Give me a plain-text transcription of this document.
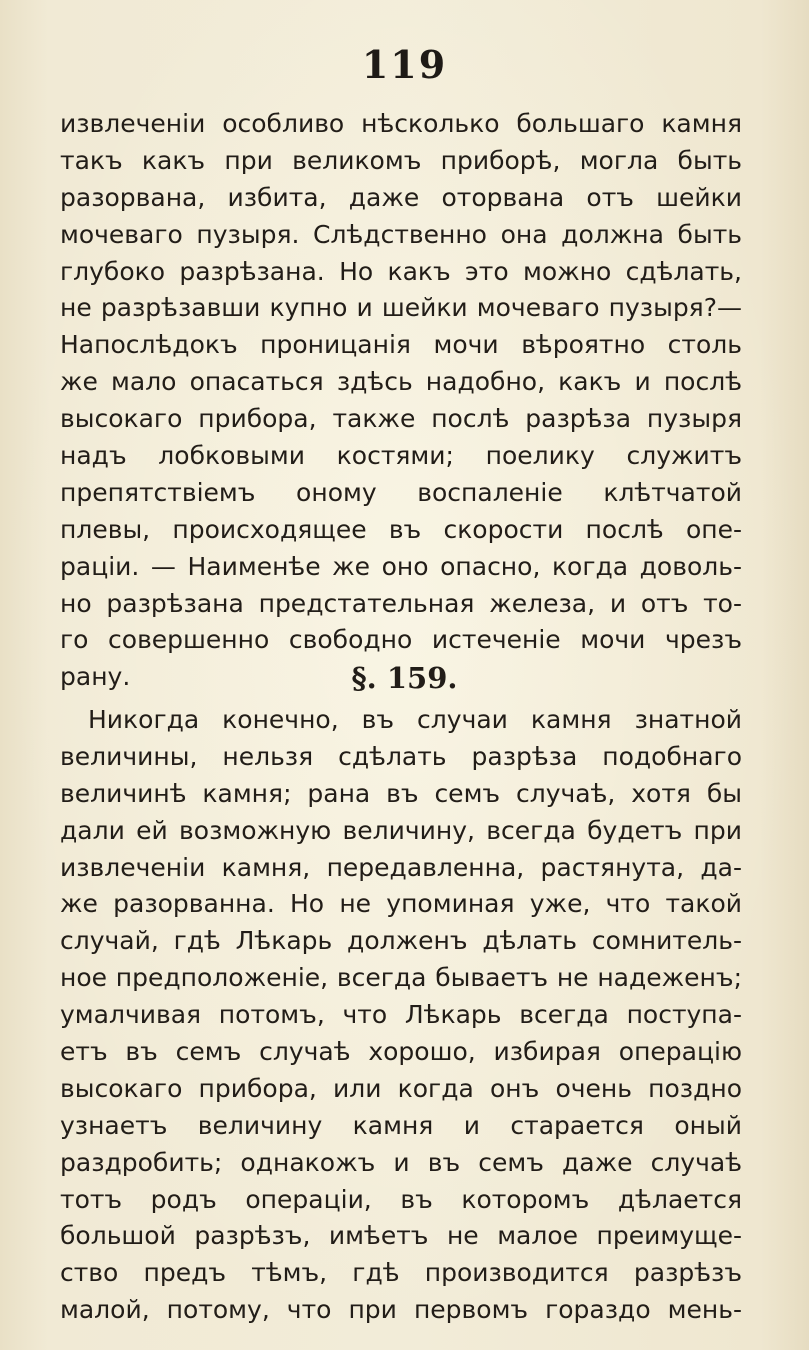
119
извлеченіи особливо нѣсколько большаго камня
такъ какъ при великомъ приборѣ, могла быть
разорвана, избита, даже оторвана отъ шейки
мочеваго пузыря. Слѣдственно она должна быть
глубоко разрѣзана. Но какъ это можно сдѣлать,
не разрѣзавши купно и шейки мочеваго пузыря?—
Напослѣдокъ проницанія мочи вѣроятно столь
же мало опасаться здѣсь надобно, какъ и послѣ
высокаго прибора, также послѣ разрѣза пузыря
надъ лобковыми костями; поелику служитъ
препятствіемъ оному воспаленіе клѣтчатой
плевы, происходящее въ скорости послѣ опе-
раціи. — Наименѣе же оно опасно, когда доволь-
но разрѣзана предстательная железа, и отъ то-
го совершенно свободно истеченіе мочи чрезъ
рану.	§. 159.
Никогда конечно, въ случаи камня знатной
величины, нельзя сдѣлать разрѣза подобнаго
величинѣ камня; рана въ семъ случаѣ, хотя бы
дали ей возможную величину, всегда будетъ при
извлеченіи камня, передавленна, растянута, да-
же разорванна. Но не упоминая уже, что такой
случай, гдѣ Лѣкарь долженъ дѣлать сомнитель-
ное предположеніе, всегда бываетъ не надеженъ;
умалчивая потомъ, что Лѣкарь всегда поступа-
етъ въ семъ случаѣ хорошо, избирая операцію
высокаго прибора, или когда онъ очень поздно
узнаетъ величину камня и старается оный
раздробить; однакожъ и въ семъ даже случаѣ
тотъ родъ операціи, въ которомъ дѣлается
большой разрѣзъ, имѣетъ не малое преимуще-
ство предъ тѣмъ, гдѣ производится разрѣзъ
малой, потому, что при первомъ гораздо мень-
